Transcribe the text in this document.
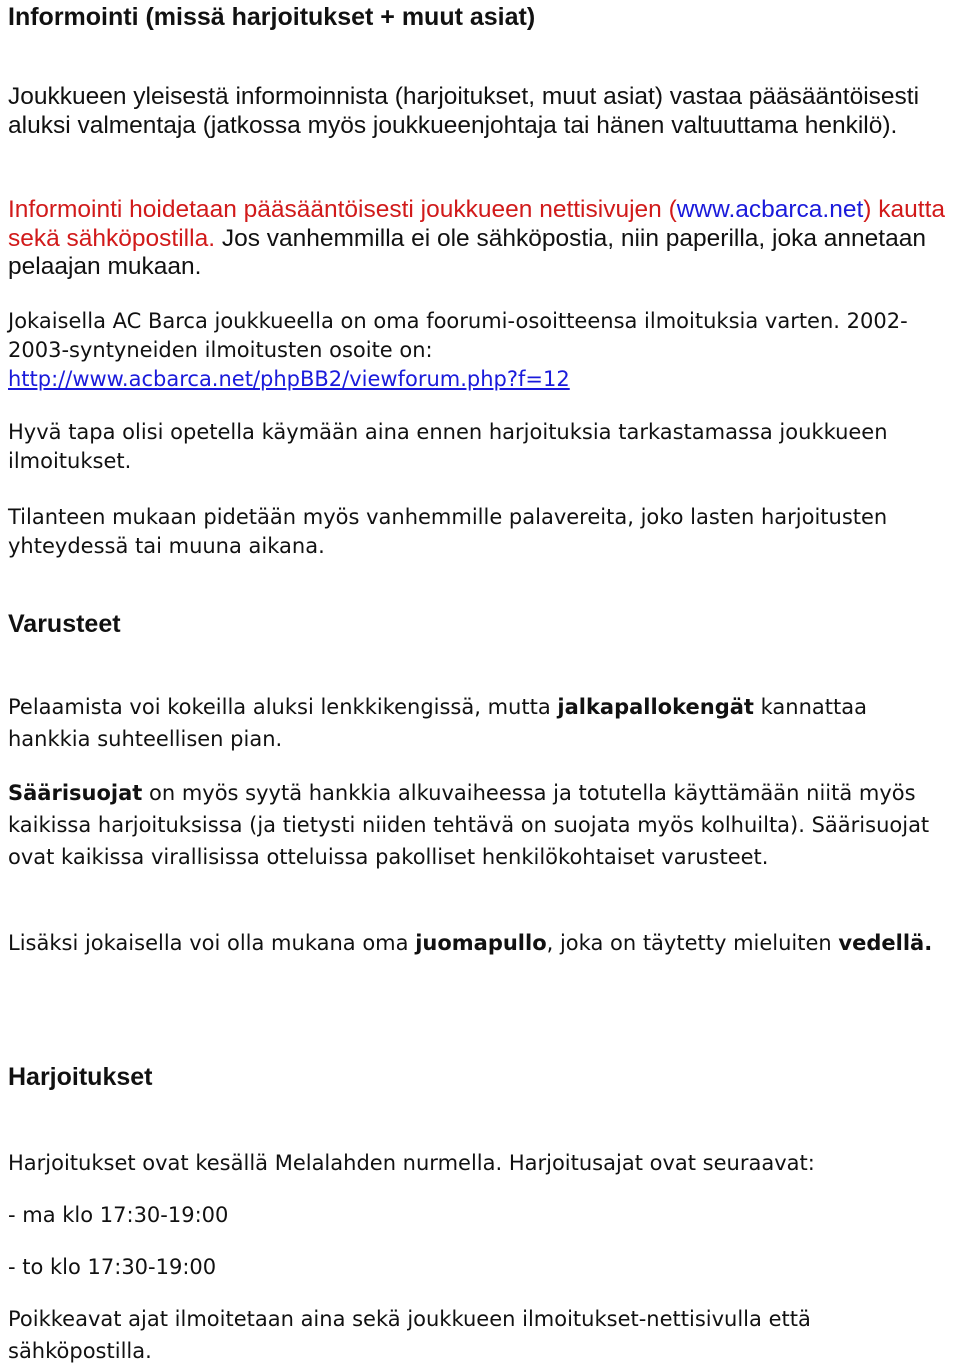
Informointi (missä harjoitukset + muut asiat)

Joukkueen yleisestä informoinnista (harjoitukset, muut asiat) vastaa pääsääntöisesti aluksi valmentaja (jatkossa myös joukkueenjohtaja tai hänen valtuuttama henkilö).

Informointi hoidetaan pääsääntöisesti joukkueen nettisivujen (www.acbarca.net) kautta sekä sähköpostilla. Jos vanhemmilla ei ole sähköpostia, niin paperilla, joka annetaan pelaajan mukaan.

Jokaisella AC Barca joukkueella on oma foorumi-osoitteensa ilmoituksia varten. 2002-2003-syntyneiden ilmoitusten osoite on:
http://www.acbarca.net/phpBB2/viewforum.php?f=12

Hyvä tapa olisi opetella käymään aina ennen harjoituksia tarkastamassa joukkueen ilmoitukset.

Tilanteen mukaan pidetään myös vanhemmille palavereita, joko lasten harjoitusten yhteydessä tai muuna aikana.

Varusteet

Pelaamista voi kokeilla aluksi lenkkikengissä, mutta jalkapallokengät kannattaa hankkia suhteellisen pian.

Säärisuojat on myös syytä hankkia alkuvaiheessa ja totutella käyttämään niitä myös kaikissa harjoituksissa (ja tietysti niiden tehtävä on suojata myös kolhuilta). Säärisuojat ovat kaikissa virallisissa otteluissa pakolliset henkilökohtaiset varusteet.

Lisäksi jokaisella voi olla mukana oma juomapullo, joka on täytetty mieluiten vedellä.

Harjoitukset

Harjoitukset ovat kesällä Melalahden nurmella. Harjoitusajat ovat seuraavat:

- ma klo 17:30-19:00

- to klo 17:30-19:00

Poikkeavat ajat ilmoitetaan aina sekä joukkueen ilmoitukset-nettisivulla että sähköpostilla.
